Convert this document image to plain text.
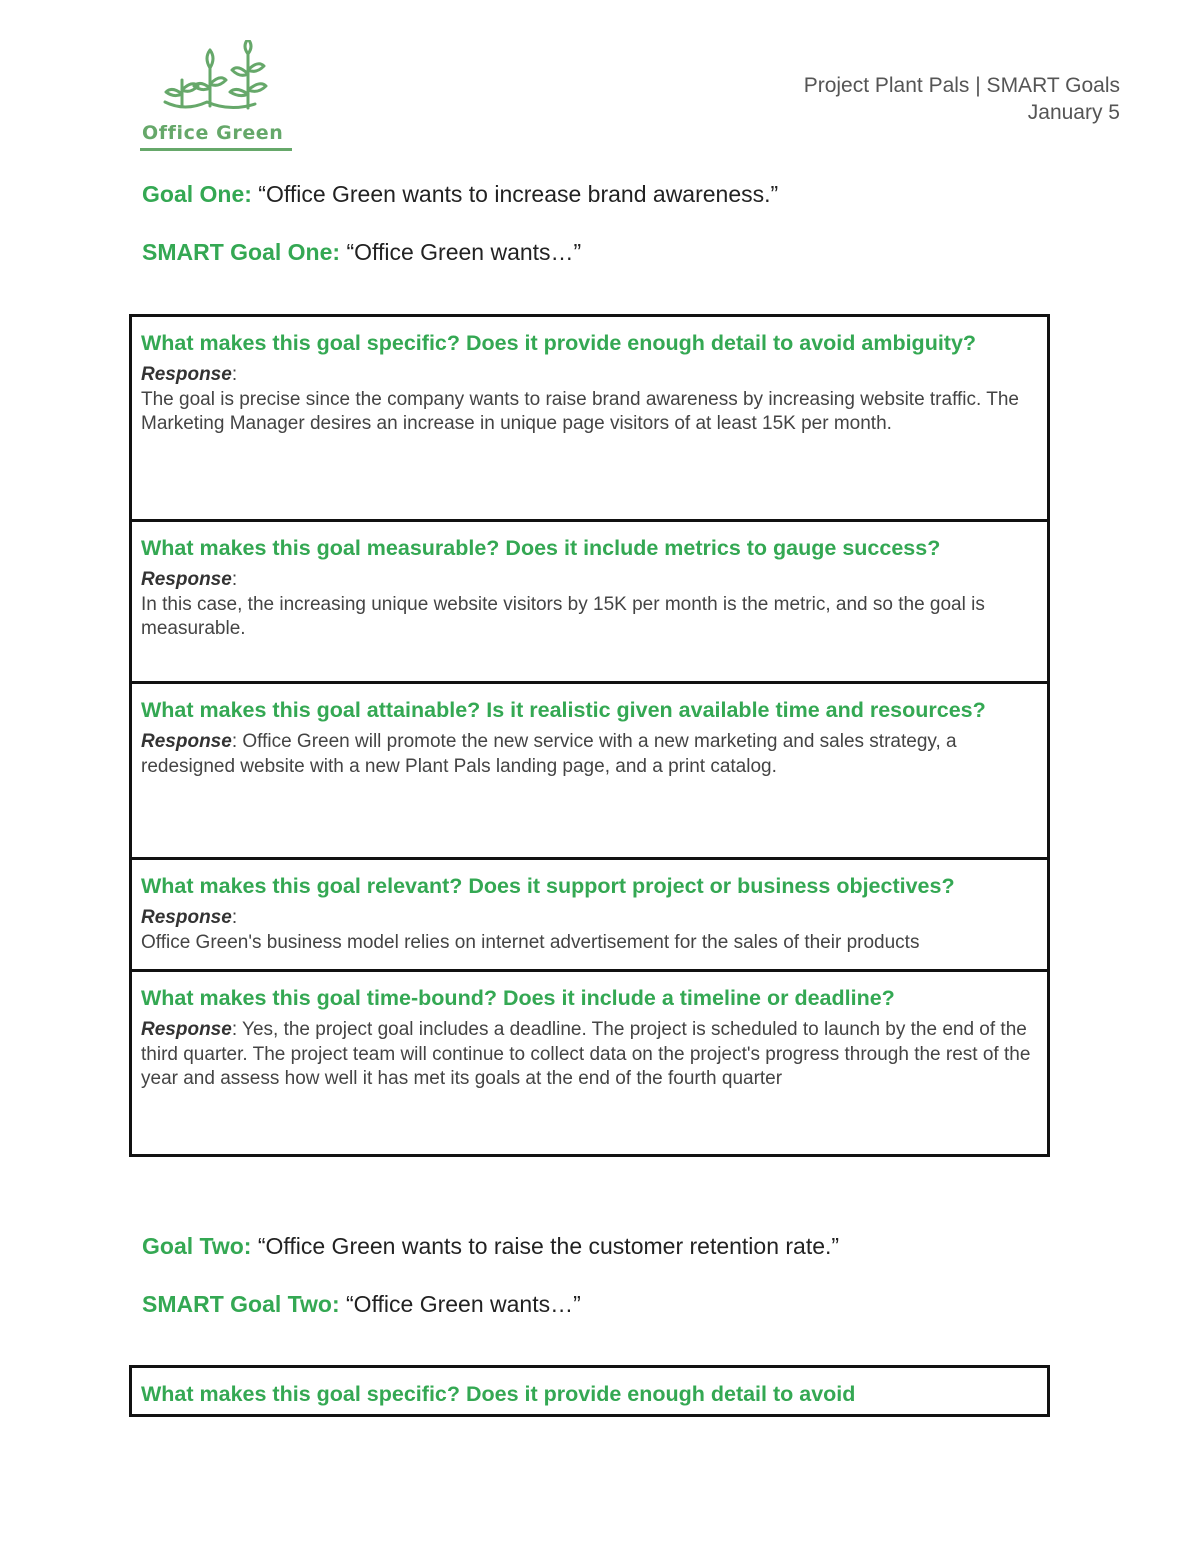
Office Green
Project Plant Pals | SMART Goals
January 5
Goal One: “Office Green wants to increase brand awareness.”
SMART Goal One: “Office Green wants…”
What makes this goal specific? Does it provide enough detail to avoid ambiguity?
Response:
The goal is precise since the company wants to raise brand awareness by increasing website traffic. The Marketing Manager desires an increase in unique page visitors of at least 15K per month.
What makes this goal measurable? Does it include metrics to gauge success?
Response:
In this case, the increasing unique website visitors by 15K per month is the metric, and so the goal is measurable.
What makes this goal attainable? Is it realistic given available time and resources?
Response: Office Green will promote the new service with a new marketing and sales strategy, a redesigned website with a new Plant Pals landing page, and a print catalog.
What makes this goal relevant? Does it support project or business objectives?
Response:
Office Green's business model relies on internet advertisement for the sales of their products
What makes this goal time-bound? Does it include a timeline or deadline?
Response: Yes, the project goal includes a deadline. The project is scheduled to launch by the end of the third quarter. The project team will continue to collect data on the project's progress through the rest of the year and assess how well it has met its goals at the end of the fourth quarter
Goal Two: “Office Green wants to raise the customer retention rate.”
SMART Goal Two: “Office Green wants…”
What makes this goal specific? Does it provide enough detail to avoid
